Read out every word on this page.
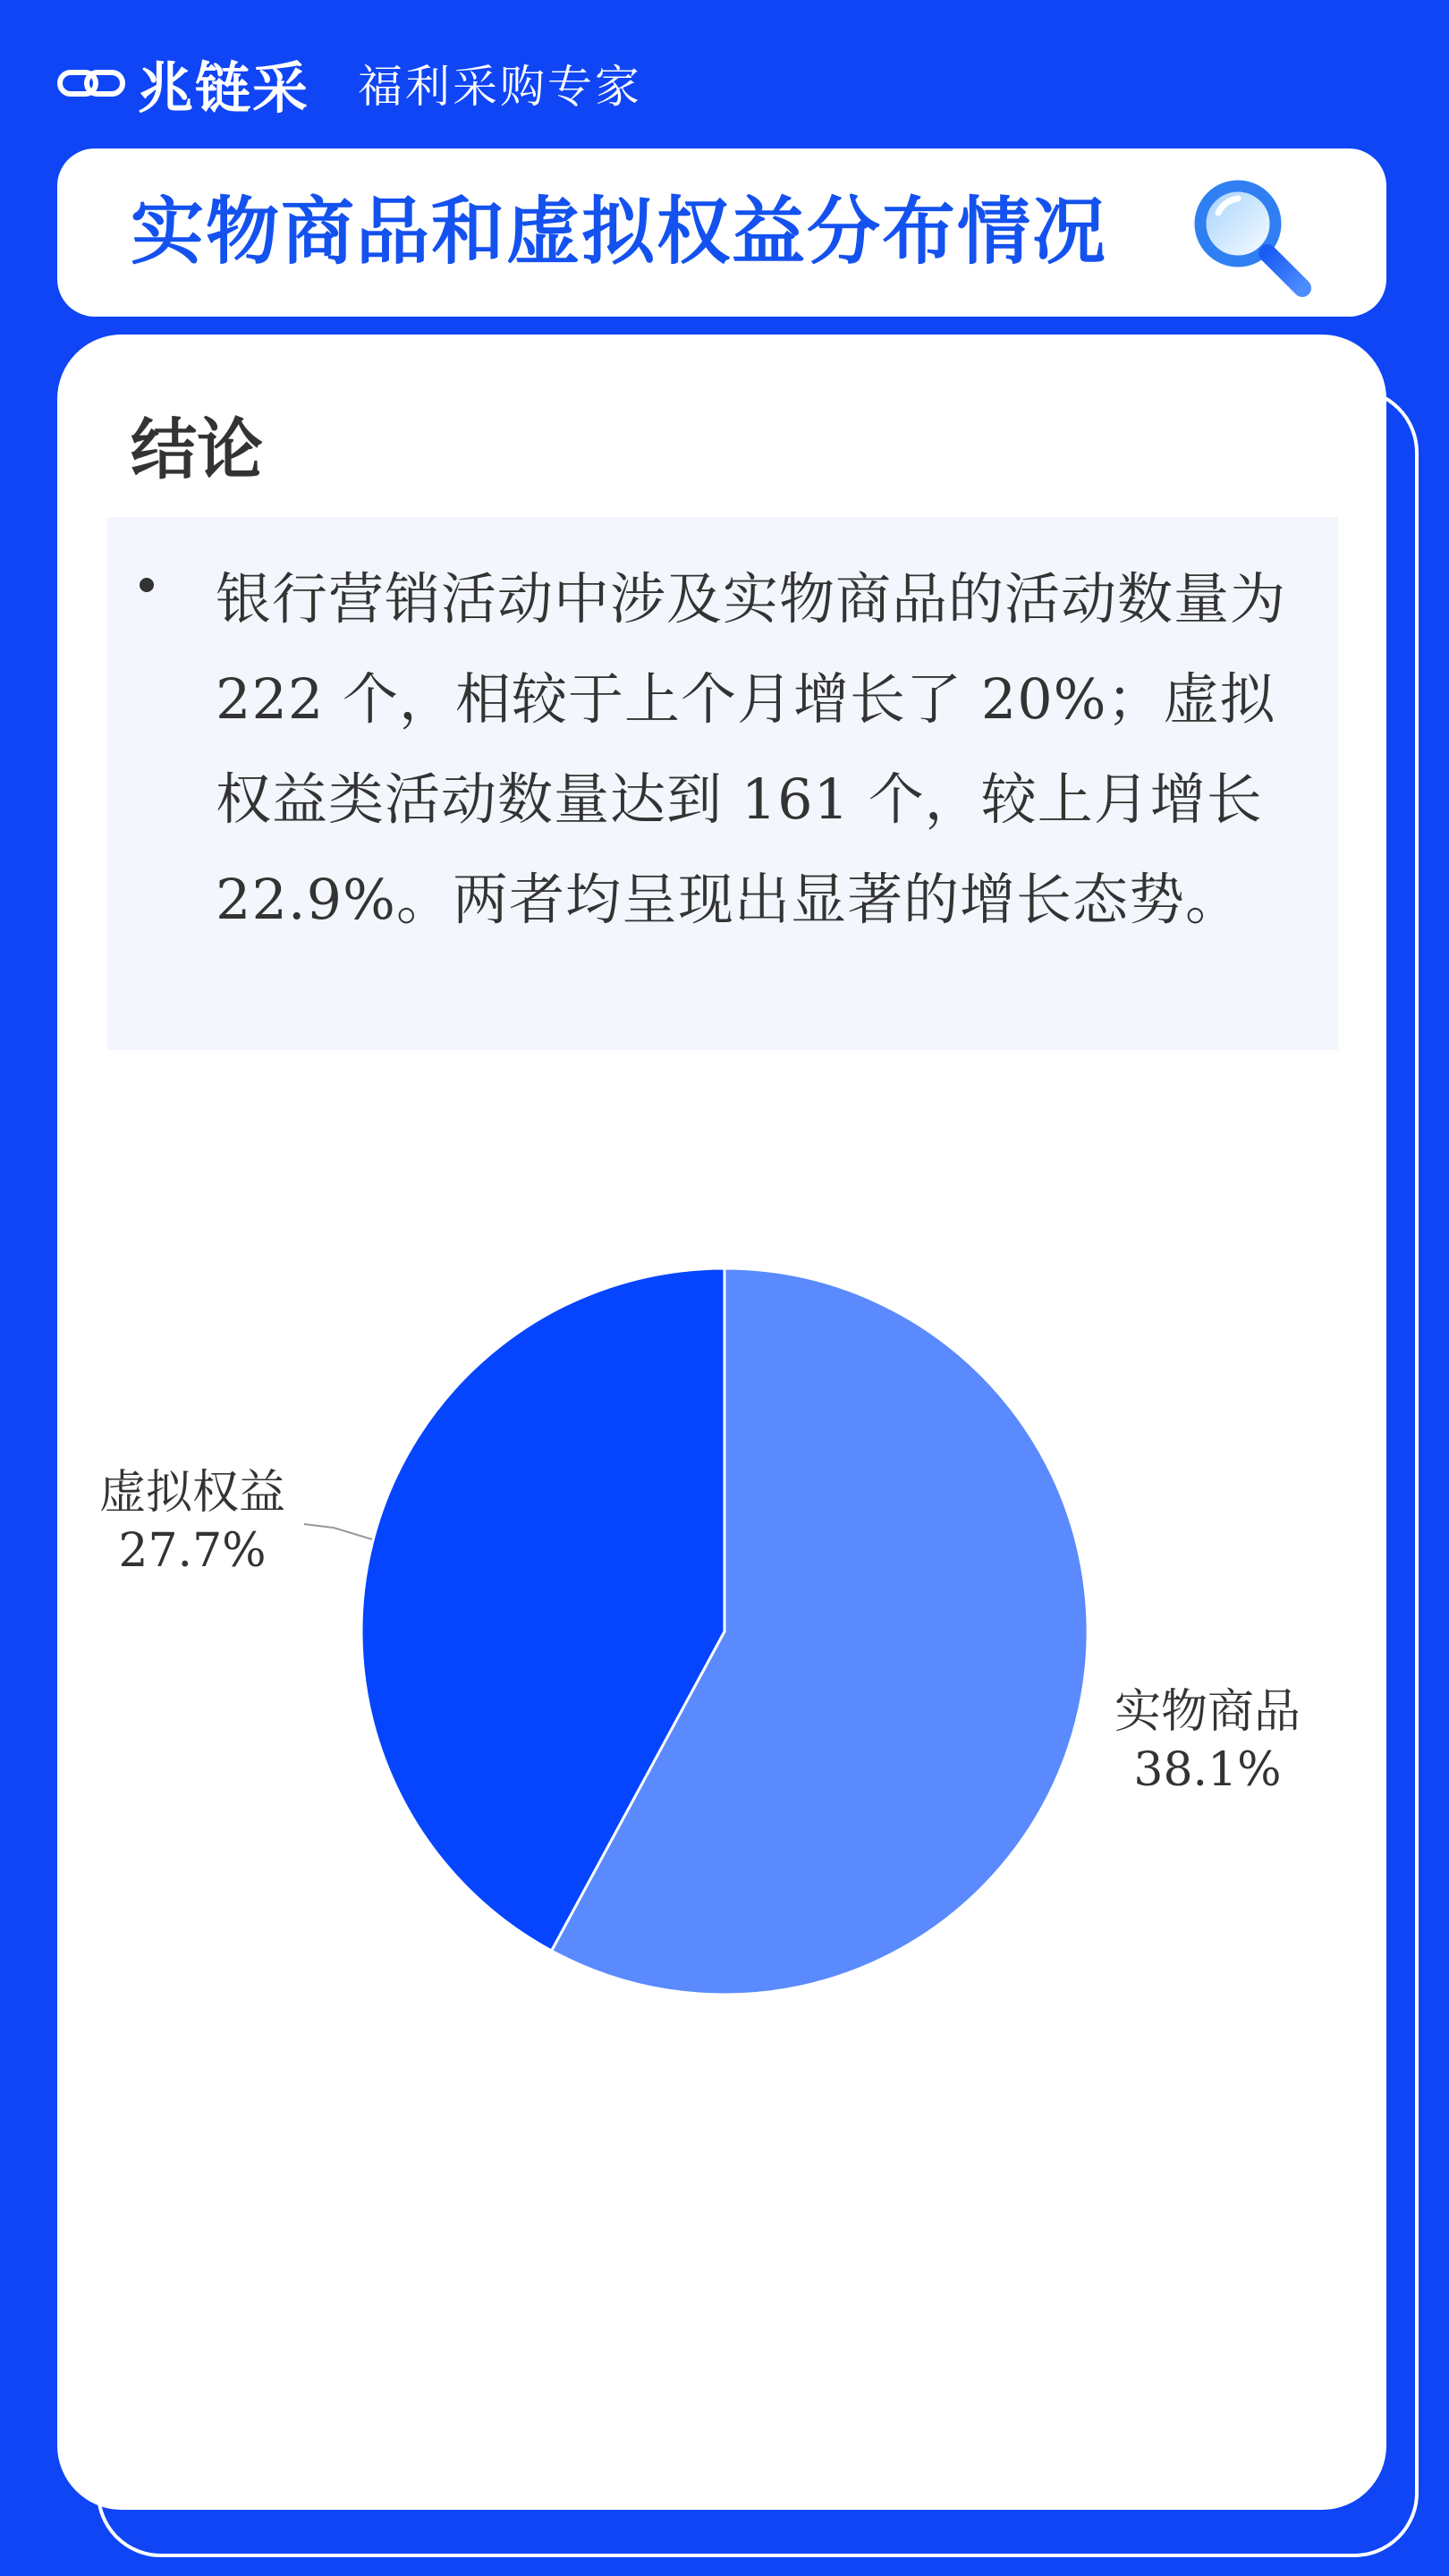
兆链采 福利采购专家
实物商品和虚拟权益分布情况
结论
银行营销活动中涉及实物商品的活动数量为 222 个，相较于上个月增长了 20%；虚拟权益类活动数量达到 161 个，较上月增长 22.9%。两者均呈现出显著的增长态势。
虚拟权益
27.7%
实物商品
38.1%
